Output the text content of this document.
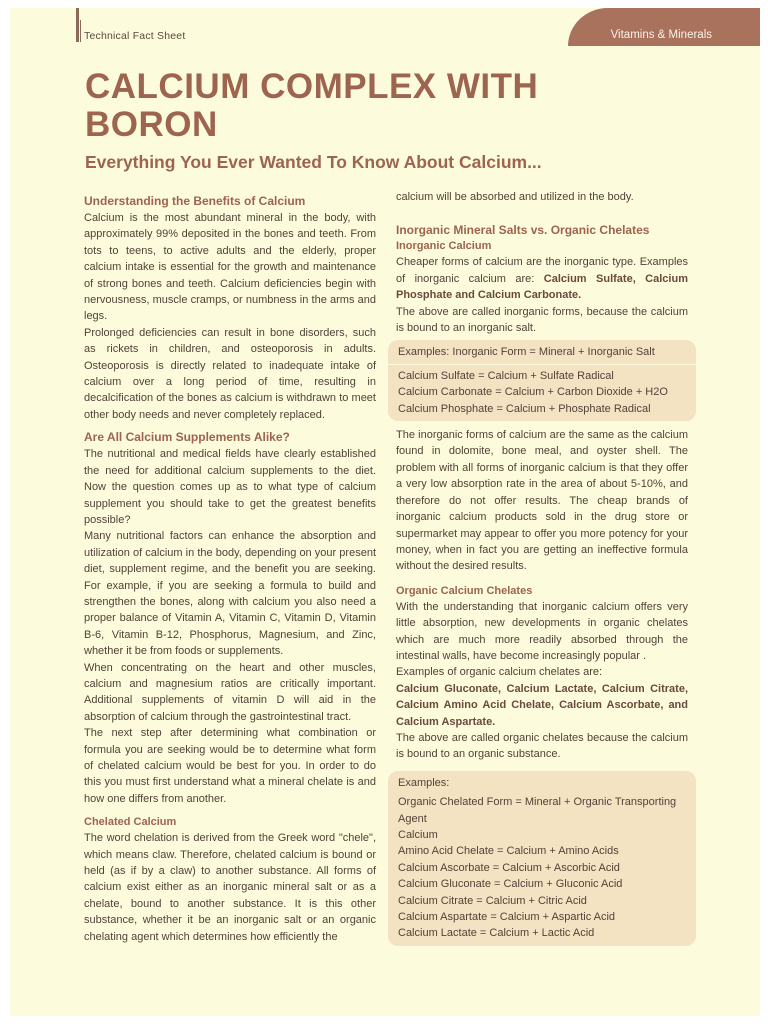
Technical Fact Sheet	Vitamins & Minerals
CALCIUM COMPLEX WITH
BORON
Everything You Ever Wanted To Know About Calcium...
Understanding the Benefits of Calcium

Calcium is the most abundant mineral in the body, with approximately 99% deposited in the bones and teeth. From tots to teens, to active adults and the elderly, proper calcium intake is essential for the growth and maintenance of strong bones and teeth. Calcium deficiencies begin with nervousness, muscle cramps, or numbness in the arms and legs.

Prolonged deficiencies can result in bone disorders, such as rickets in children, and osteoporosis in adults. Osteoporosis is directly related to inadequate intake of calcium over a long period of time, resulting in decalcification of the bones as calcium is withdrawn to meet other body needs and never completely replaced.

Are All Calcium Supplements Alike?

The nutritional and medical fields have clearly established the need for additional calcium supplements to the diet. Now the question comes up as to what type of calcium supplement you should take to get the greatest benefits possible?

Many nutritional factors can enhance the absorption and utilization of calcium in the body, depending on your present diet, supplement regime, and the benefit you are seeking. For example, if you are seeking a formula to build and strengthen the bones, along with calcium you also need a proper balance of Vitamin A, Vitamin C, Vitamin D, Vitamin B-6, Vitamin B-12, Phosphorus, Magnesium, and Zinc, whether it be from foods or supplements.

When concentrating on the heart and other muscles, calcium and magnesium ratios are critically important. Additional supplements of vitamin D will aid in the absorption of calcium through the gastrointestinal tract.

The next step after determining what combination or formula you are seeking would be to determine what form of chelated calcium would be best for you. In order to do this you must first understand what a mineral chelate is and how one differs from another.

Chelated Calcium

The word chelation is derived from the Greek word "chele", which means claw. Therefore, chelated calcium is bound or held (as if by a claw) to another substance. All forms of calcium exist either as an inorganic mineral salt or as a chelate, bound to another substance. It is this other substance, whether it be an inorganic salt or an organic chelating agent which determines how efficiently the

calcium will be absorbed and utilized in the body.

Inorganic Mineral Salts vs. Organic Chelates
Inorganic Calcium

Cheaper forms of calcium are the inorganic type. Examples of inorganic calcium are: Calcium Sulfate, Calcium Phosphate and Calcium Carbonate.

The above are called inorganic forms, because the calcium is bound to an inorganic salt.

Examples: Inorganic Form = Mineral + Inorganic Salt
Calcium Sulfate = Calcium + Sulfate Radical
Calcium Carbonate = Calcium + Carbon Dioxide + H2O
Calcium Phosphate = Calcium + Phosphate Radical

The inorganic forms of calcium are the same as the calcium found in dolomite, bone meal, and oyster shell. The problem with all forms of inorganic calcium is that they offer a very low absorption rate in the area of about 5-10%, and therefore do not offer results. The cheap brands of inorganic calcium products sold in the drug store or supermarket may appear to offer you more potency for your money, when in fact you are getting an ineffective formula without the desired results.

Organic Calcium Chelates

With the understanding that inorganic calcium offers very little absorption, new developments in organic chelates which are much more readily absorbed through the intestinal walls, have become increasingly popular .

Examples of organic calcium chelates are:

Calcium Gluconate, Calcium Lactate, Calcium Citrate, Calcium Amino Acid Chelate, Calcium Ascorbate, and Calcium Aspartate.

The above are called organic chelates because the calcium is bound to an organic substance.

Examples:
Organic Chelated Form = Mineral + Organic Transporting Agent
Calcium
Amino Acid Chelate = Calcium + Amino Acids
Calcium Ascorbate = Calcium + Ascorbic Acid
Calcium Gluconate = Calcium + Gluconic Acid
Calcium Citrate = Calcium + Citric Acid
Calcium Aspartate = Calcium + Aspartic Acid
Calcium Lactate = Calcium + Lactic Acid
